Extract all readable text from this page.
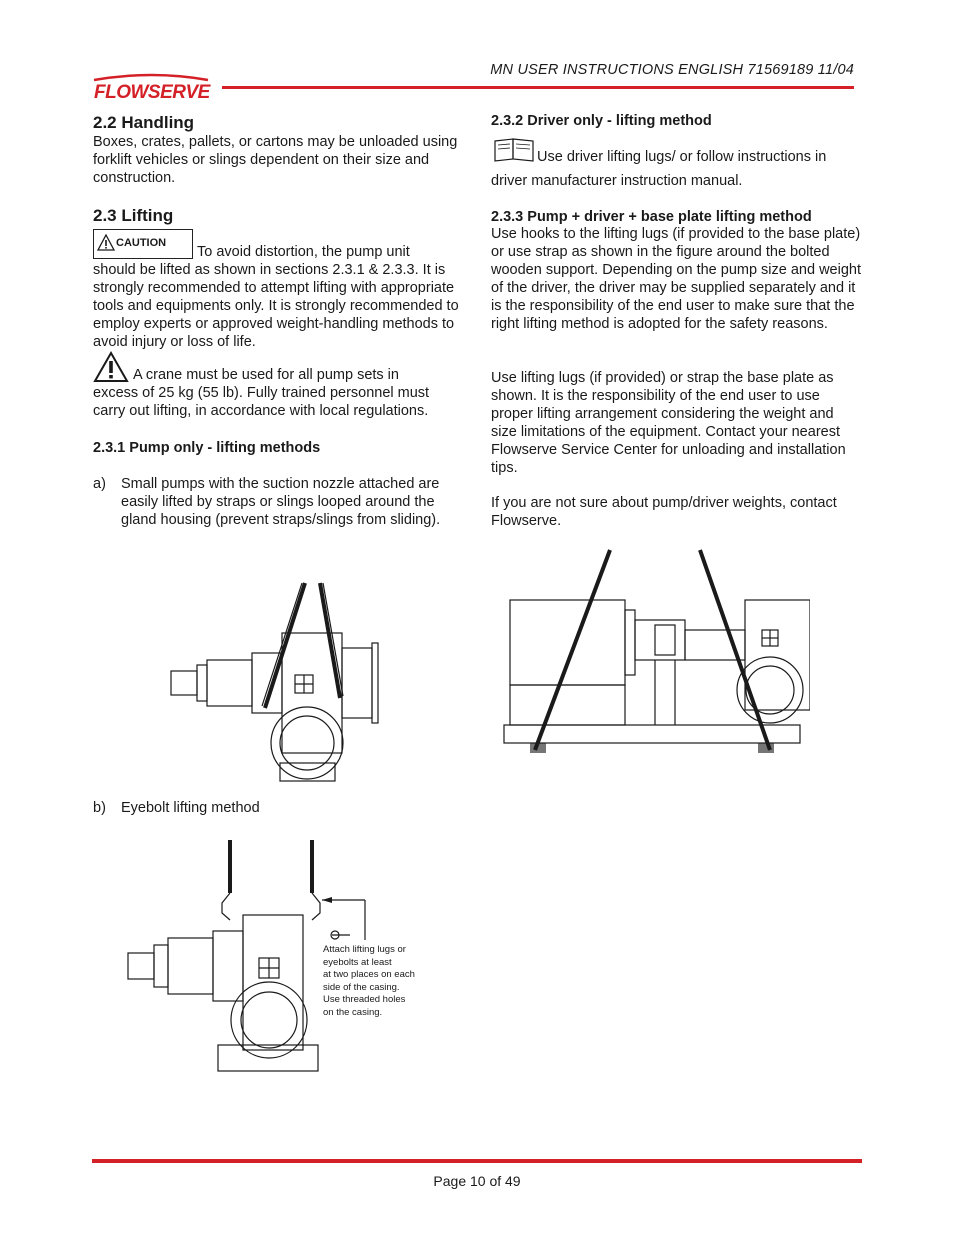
MN USER INSTRUCTIONS ENGLISH 71569189 11/04
FLOWSERVE
2.2 Handling
Boxes, crates, pallets, or cartons may be unloaded using forklift vehicles or slings dependent on their size and construction.
2.3 Lifting
CAUTION
To avoid distortion, the pump unit
should be lifted as shown in sections 2.3.1 & 2.3.3. It is strongly recommended to attempt lifting with appropriate tools and equipments only. It is strongly recommended to employ experts or approved weight-handling methods to avoid injury or loss of life.
A crane must be used for all pump sets in
excess of 25 kg (55 lb). Fully trained personnel must carry out lifting, in accordance with local regulations.
2.3.1 Pump only - lifting methods
a) Small pumps with the suction nozzle attached are easily lifted by straps or slings looped around the gland housing (prevent straps/slings from sliding).
b) Eyebolt lifting method
Attach lifting lugs or
eyebolts at least
at two places on each
side of the casing.
Use threaded holes
on the casing.
2.3.2 Driver only - lifting method
Use driver lifting lugs/ or follow instructions in
driver manufacturer instruction manual.
2.3.3 Pump + driver + base plate lifting method
Use hooks to the lifting lugs (if provided to the base plate) or use strap as shown in the figure around the bolted wooden support. Depending on the pump size and weight of the driver, the driver may be supplied separately and it is the responsibility of the end user to make sure that the right lifting method is adopted for the safety reasons.
Use lifting lugs (if provided) or strap the base plate as shown. It is the responsibility of the end user to use proper lifting arrangement considering the weight and size limitations of the equipment. Contact your nearest Flowserve Service Center for unloading and installation tips.
If you are not sure about pump/driver weights, contact Flowserve.
Page 10 of 49
